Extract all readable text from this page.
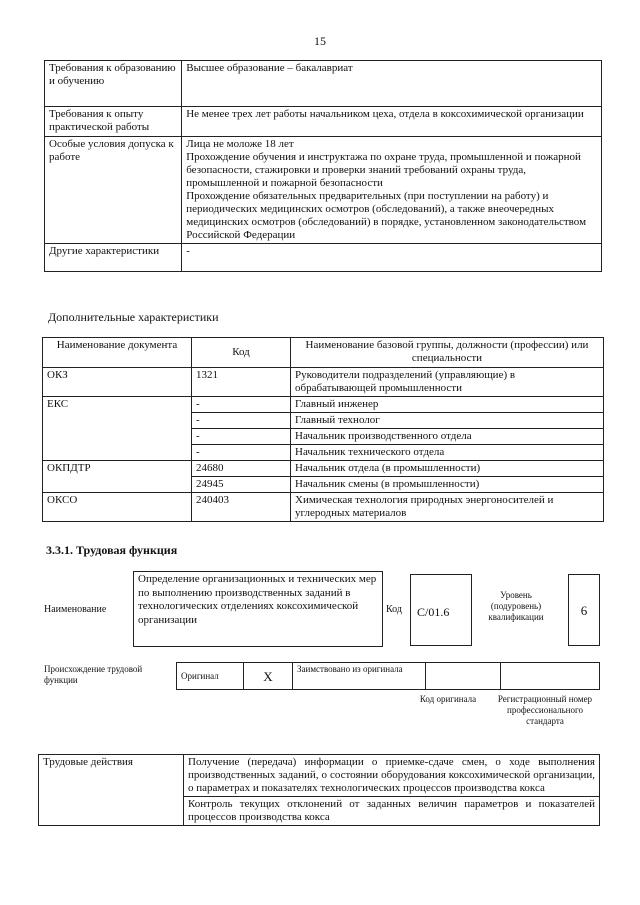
15
Требования к образованию и обучению	Высшее образование – бакалавриат
Требования к опыту практической работы	Не менее трех лет работы начальником цеха, отдела в коксохимической организации
Особые условия допуска к работе	Лица не моложе 18 лет
Прохождение обучения и инструктажа по охране труда, промышленной и пожарной безопасности, стажировки и проверки знаний требований охраны труда, промышленной и пожарной безопасности
Прохождение обязательных предварительных (при поступлении на работу) и периодических медицинских осмотров (обследований), а также внеочередных медицинских осмотров (обследований) в порядке, установленном законодательством Российской Федерации

Другие характеристики	-
Дополнительные характеристики
Наименование документа	Код	Наименование базовой группы, должности (профессии) или специальности
ОКЗ	1321	Руководители подразделений (управляющие) в обрабатывающей промышленности
ЕКС	-	Главный инженер
	-	Главный технолог
	-	Начальник производственного отдела
	-	Начальник технического отдела
ОКПДТР	24680	Начальник отдела (в промышленности)
	24945	Начальник смены (в промышленности)
ОКСО	240403	Химическая технология природных энергоносителей и углеродных материалов
3.3.1. Трудовая функция
Наименование
Определение организационных и технических мер по выполнению производственных заданий в технологических отделениях коксохимической организации
Код	C/01.6
Уровень (подуровень) квалификации	6
Происхождение трудовой функции	Оригинал	X	Заимствовано из оригинала		
Код оригинала	Регистрационный номер профессионального стандарта
Трудовые действия	Получение (передача) информации о приемке-сдаче смен, о ходе выполнения производственных заданий, о состоянии оборудования коксохимической организации, о параметрах и показателях технологических процессов производства кокса
Контроль текущих отклонений от заданных величин параметров и показателей процессов производства кокса
